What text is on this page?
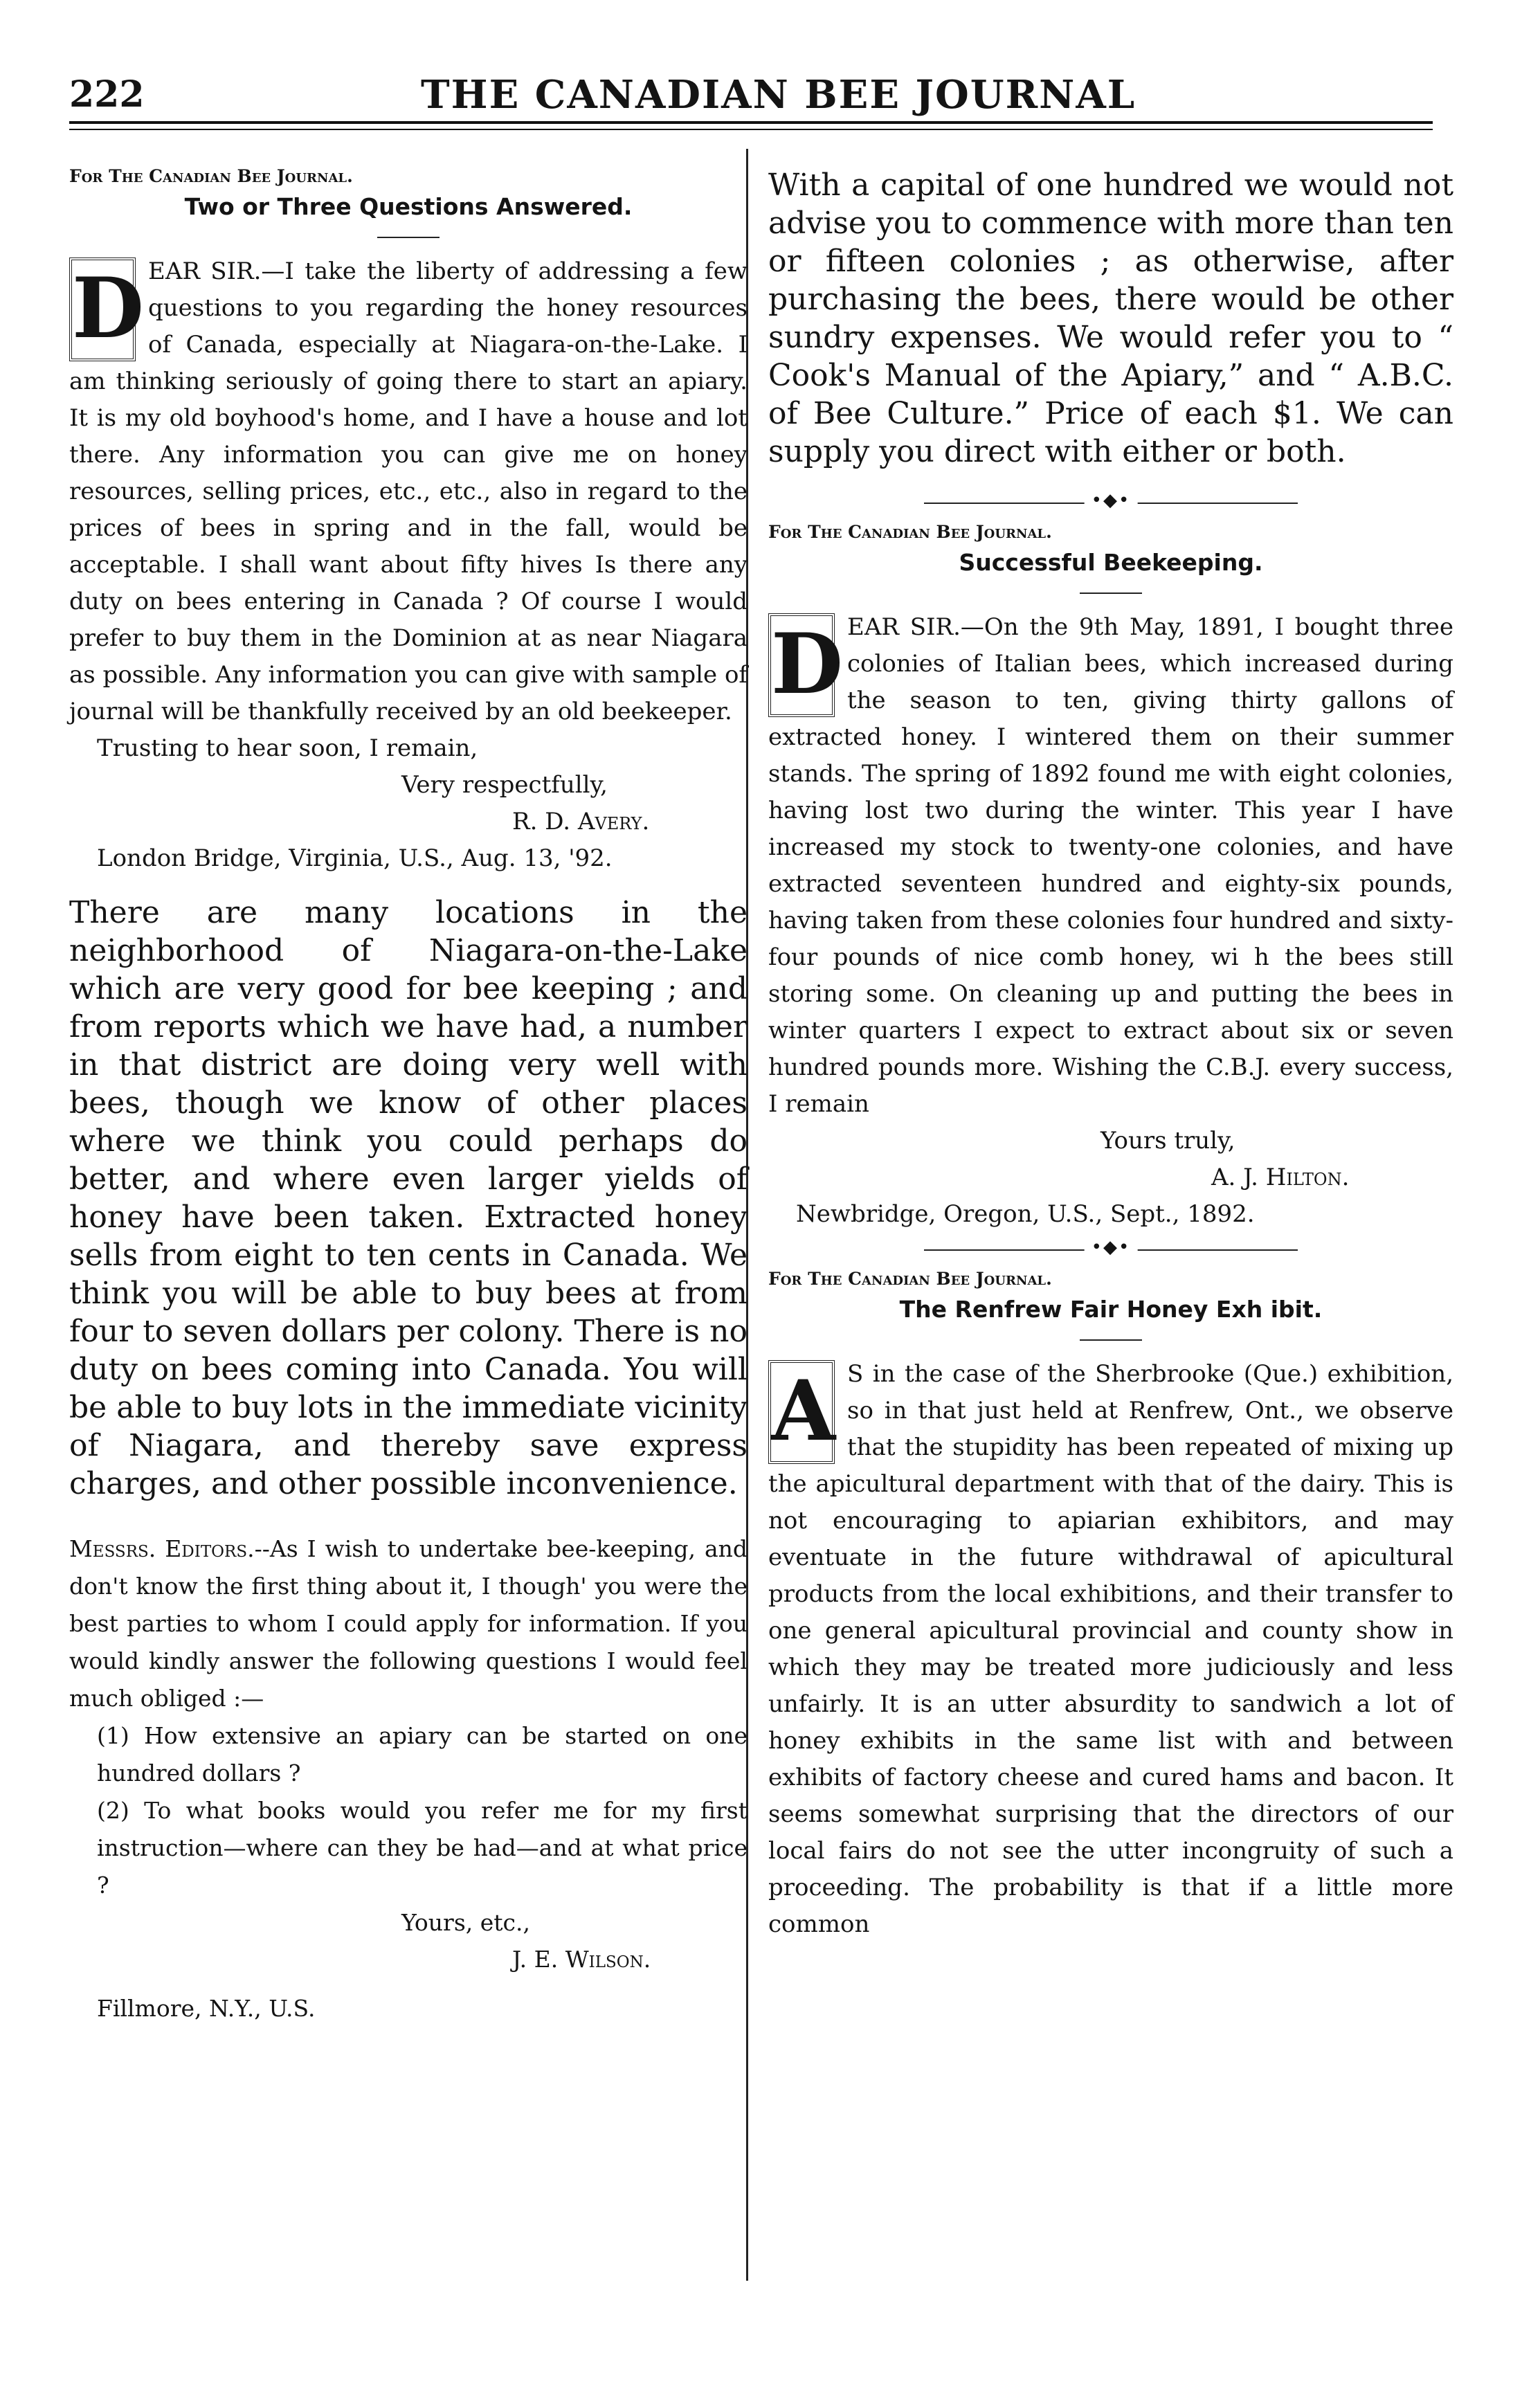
222	THE CANADIAN BEE JOURNAL

For The Canadian Bee Journal.

Two or Three Questions Answered.

D EAR SIR.—I take the liberty of addressing a few questions to you regarding the honey resources of Canada, especially at Niagara-on-the-Lake. I am thinking seriously of going there to start an apiary. It is my old boyhood's home, and I have a house and lot there. Any information you can give me on honey resources, selling prices, etc., etc., also in regard to the prices of bees in spring and in the fall, would be acceptable. I shall want about fifty hives Is there any duty on bees entering in Canada ? Of course I would prefer to buy them in the Dominion at as near Niagara as possible. Any information you can give with sample of journal will be thankfully received by an old beekeeper.

Trusting to hear soon, I remain,

Very respectfully,

R. D. Avery.

London Bridge, Virginia, U.S., Aug. 13, '92.

There are many locations in the neighborhood of Niagara-on-the-Lake which are very good for bee keeping ; and from reports which we have had, a number in that district are doing very well with bees, though we know of other places where we think you could perhaps do better, and where even larger yields of honey have been taken. Extracted honey sells from eight to ten cents in Canada. We think you will be able to buy bees at from four to seven dollars per colony. There is no duty on bees coming into Canada. You will be able to buy lots in the immediate vicinity of Niagara, and thereby save express charges, and other possible inconvenience.

Messrs. Editors.--As I wish to undertake bee-keeping, and don't know the first thing about it, I though' you were the best parties to whom I could apply for information. If you would kindly answer the following questions I would feel much obliged :—

(1) How extensive an apiary can be started on one hundred dollars ?

(2) To what books would you refer me for my first instruction—where can they be had—and at what price ?

Yours, etc.,

J. E. Wilson.

Fillmore, N.Y., U.S.

With a capital of one hundred we would not advise you to commence with more than ten or fifteen colonies ; as otherwise, after purchasing the bees, there would be other sundry expenses. We would refer you to “ Cook's Manual of the Apiary,” and “ A.B.C. of Bee Culture.” Price of each $1. We can supply you direct with either or both.

•◆•

For The Canadian Bee Journal.

Successful Beekeeping.

D EAR SIR.—On the 9th May, 1891, I bought three colonies of Italian bees, which increased during the season to ten, giving thirty gallons of extracted honey. I wintered them on their summer stands. The spring of 1892 found me with eight colonies, having lost two during the winter. This year I have increased my stock to twenty-one colonies, and have extracted seventeen hundred and eighty-six pounds, having taken from these colonies four hundred and sixty-four pounds of nice comb honey, wi h the bees still storing some. On cleaning up and putting the bees in winter quarters I expect to extract about six or seven hundred pounds more. Wishing the C.B.J. every success, I remain

Yours truly,

A. J. Hilton.

Newbridge, Oregon, U.S., Sept., 1892.

•◆•

For The Canadian Bee Journal.

The Renfrew Fair Honey Exh ibit.

A S in the case of the Sherbrooke (Que.) exhibition, so in that just held at Renfrew, Ont., we observe that the stupidity has been repeated of mixing up the apicultural department with that of the dairy. This is not encouraging to apiarian exhibitors, and may eventuate in the future withdrawal of apicultural products from the local exhibitions, and their transfer to one general apicultural provincial and county show in which they may be treated more judiciously and less unfairly. It is an utter absurdity to sandwich a lot of honey exhibits in the same list with and between exhibits of factory cheese and cured hams and bacon. It seems somewhat surprising that the directors of our local fairs do not see the utter incongruity of such a proceeding. The probability is that if a little more common
